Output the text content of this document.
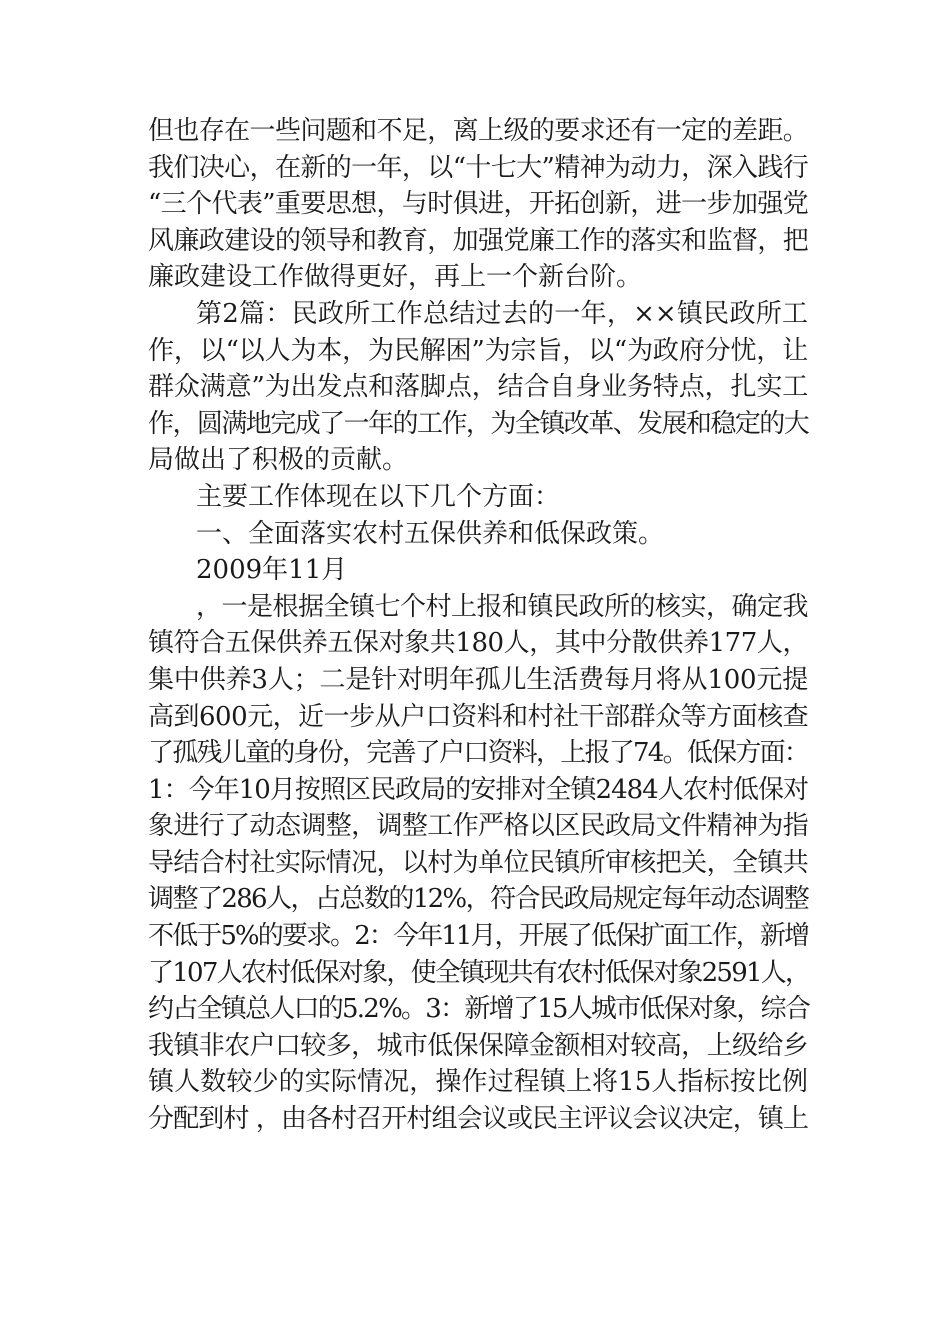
但也存在一些问题和不足，离上级的要求还有一定的差距。
我们决心，在新的一年，以“十七大”精神为动力，深入践行
“三个代表”重要思想，与时俱进，开拓创新，进一步加强党
风廉政建设的领导和教育，加强党廉工作的落实和监督，把
廉政建设工作做得更好，再上一个新台阶。
第2篇：民政所工作总结过去的一年，××镇民政所工
作，以“以人为本，为民解困”为宗旨，以“为政府分忧，让
群众满意”为出发点和落脚点，结合自身业务特点，扎实工
作，圆满地完成了一年的工作，为全镇改革、发展和稳定的大
局做出了积极的贡献。
主要工作体现在以下几个方面：
一、全面落实农村五保供养和低保政策。
2009年11月
，一是根据全镇七个村上报和镇民政所的核实，确定我
镇符合五保供养五保对象共180人，其中分散供养177人，
集中供养3人；二是针对明年孤儿生活费每月将从100元提
高到600元，近一步从户口资料和村社干部群众等方面核查
了孤残儿童的身份，完善了户口资料，上报了74。低保方面：
1：今年10月按照区民政局的安排对全镇2484人农村低保对
象进行了动态调整，调整工作严格以区民政局文件精神为指
导结合村社实际情况，以村为单位民镇所审核把关，全镇共
调整了286人，占总数的12%，符合民政局规定每年动态调整
不低于5%的要求。2：今年11月，开展了低保扩面工作，新增
了107人农村低保对象，使全镇现共有农村低保对象2591人，
约占全镇总人口的5.2%。3：新增了15人城市低保对象，综合
我镇非农户口较多，城市低保保障金额相对较高，上级给乡
镇人数较少的实际情况，操作过程镇上将15人指标按比例
分配到村 ，由各村召开村组会议或民主评议会议决定，镇上
